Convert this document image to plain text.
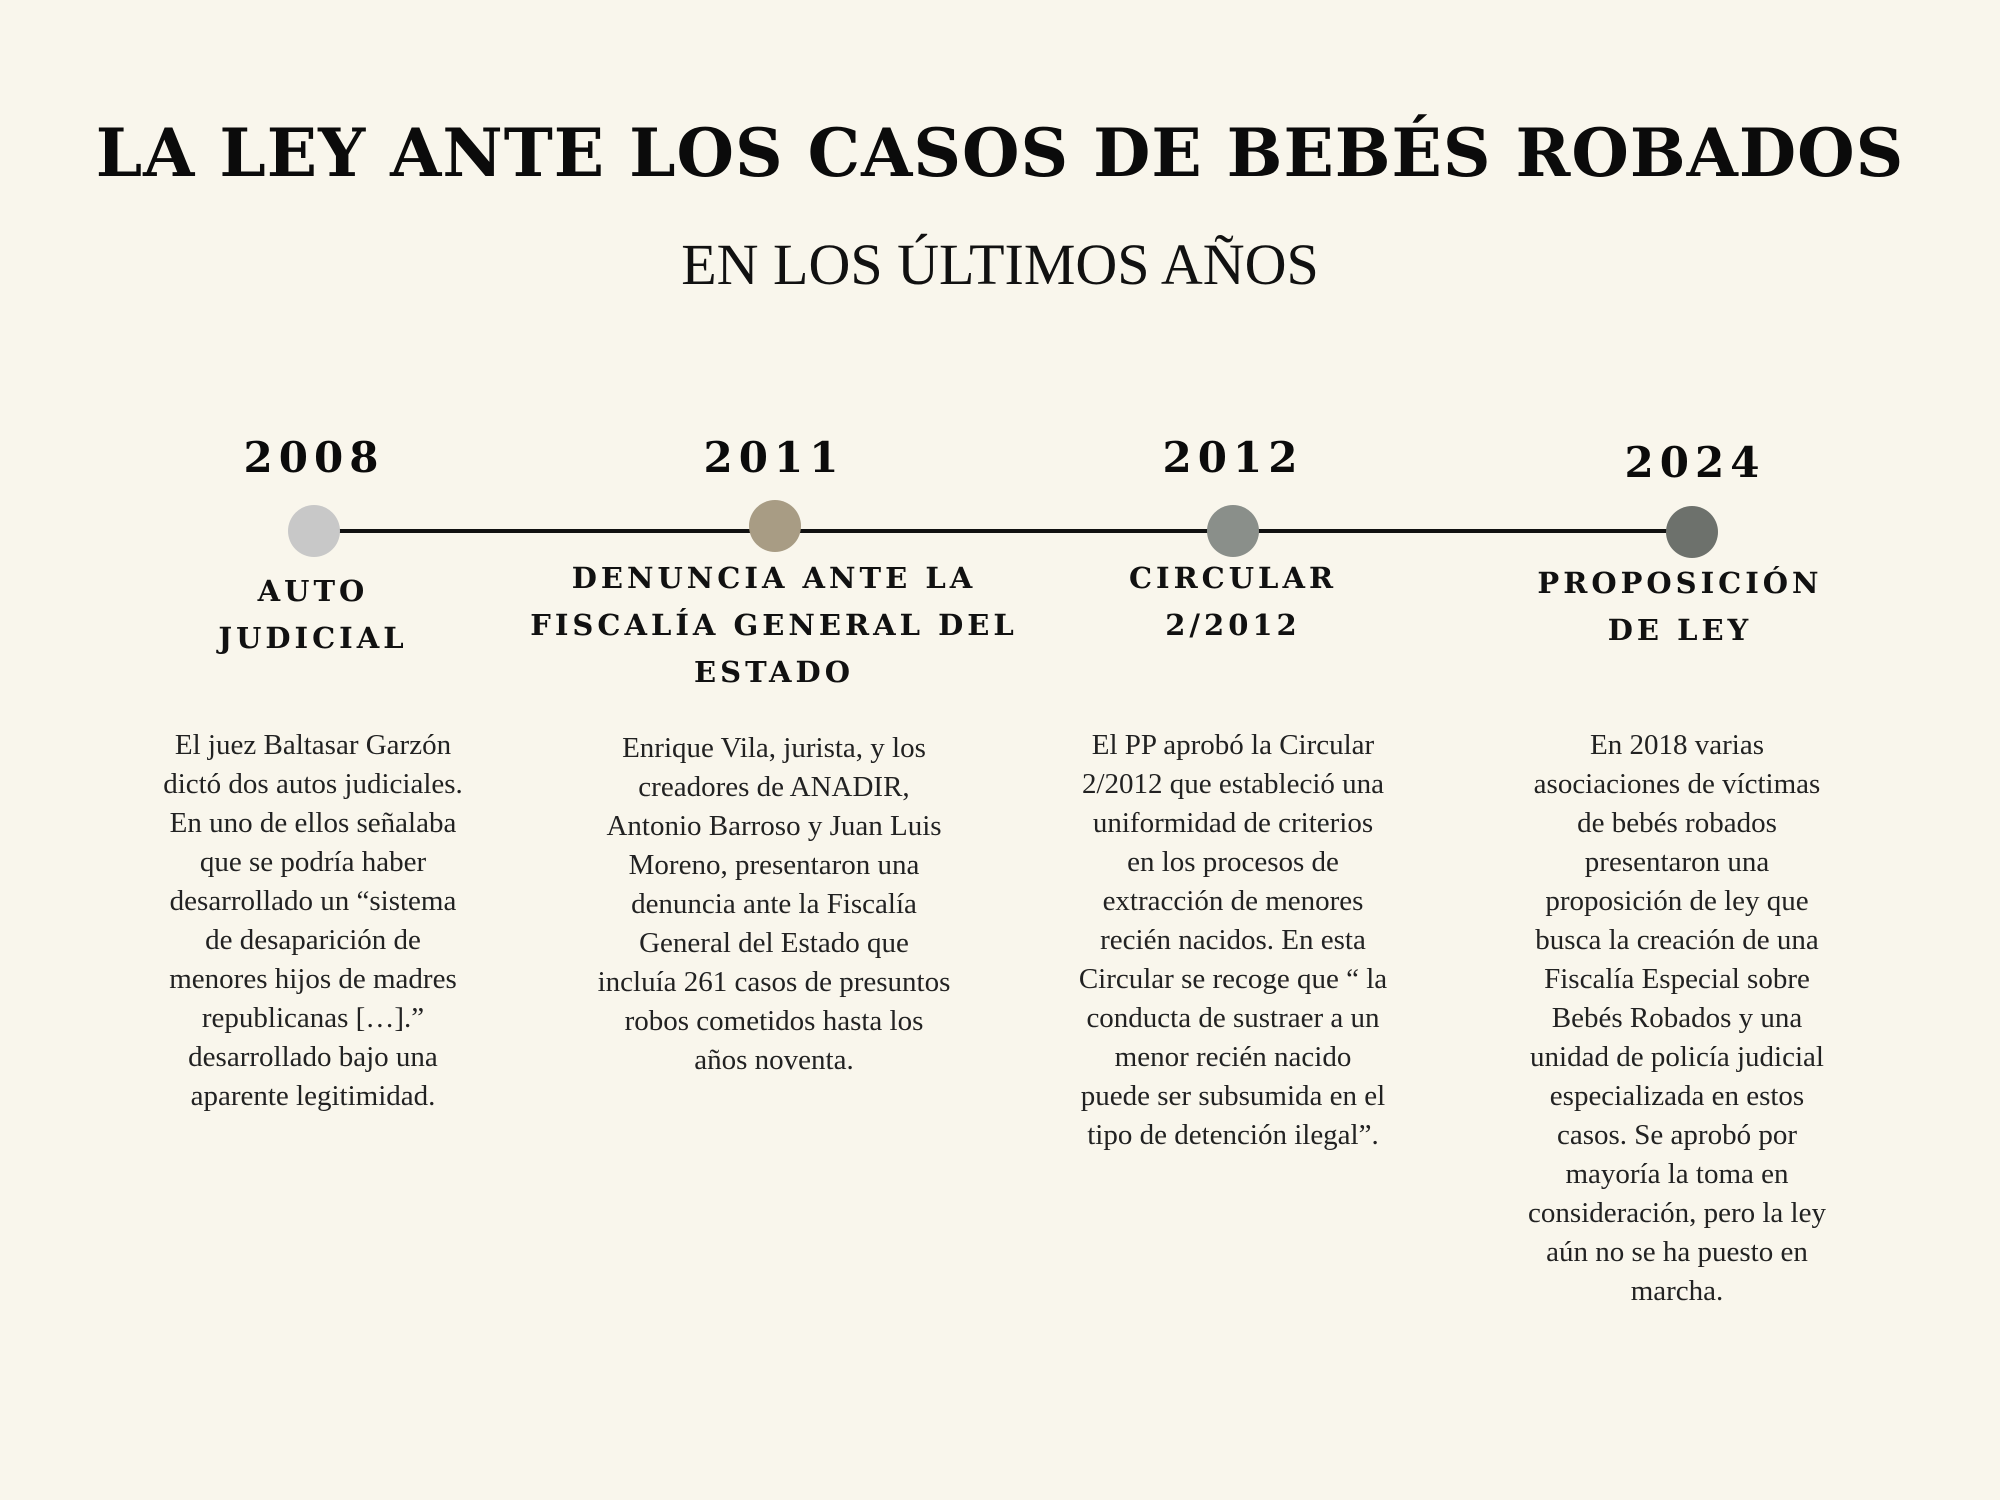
LA LEY ANTE LOS CASOS DE BEBÉS ROBADOS
EN LOS ÚLTIMOS AÑOS
2008
AUTO
JUDICIAL
El juez Baltasar Garzón
dictó dos autos judiciales.
En uno de ellos señalaba
que se podría haber
desarrollado un “sistema
de desaparición de
menores hijos de madres
republicanas […].”
desarrollado bajo una
aparente legitimidad.
2011
DENUNCIA ANTE LA
FISCALÍA GENERAL DEL
ESTADO
Enrique Vila, jurista, y los
creadores de ANADIR,
Antonio Barroso y Juan Luis
Moreno, presentaron una
denuncia ante la Fiscalía
General del Estado que
incluía 261 casos de presuntos
robos cometidos hasta los
años noventa.
2012
CIRCULAR
2/2012
El PP aprobó la Circular
2/2012 que estableció una
uniformidad de criterios
en los procesos de
extracción de menores
recién nacidos. En esta
Circular se recoge que “ la
conducta de sustraer a un
menor recién nacido
puede ser subsumida en el
tipo de detención ilegal”.
2024
PROPOSICIÓN
DE LEY
En 2018 varias
asociaciones de víctimas
de bebés robados
presentaron una
proposición de ley que
busca la creación de una
Fiscalía Especial sobre
Bebés Robados y una
unidad de policía judicial
especializada en estos
casos. Se aprobó por
mayoría la toma en
consideración, pero la ley
aún no se ha puesto en
marcha.
